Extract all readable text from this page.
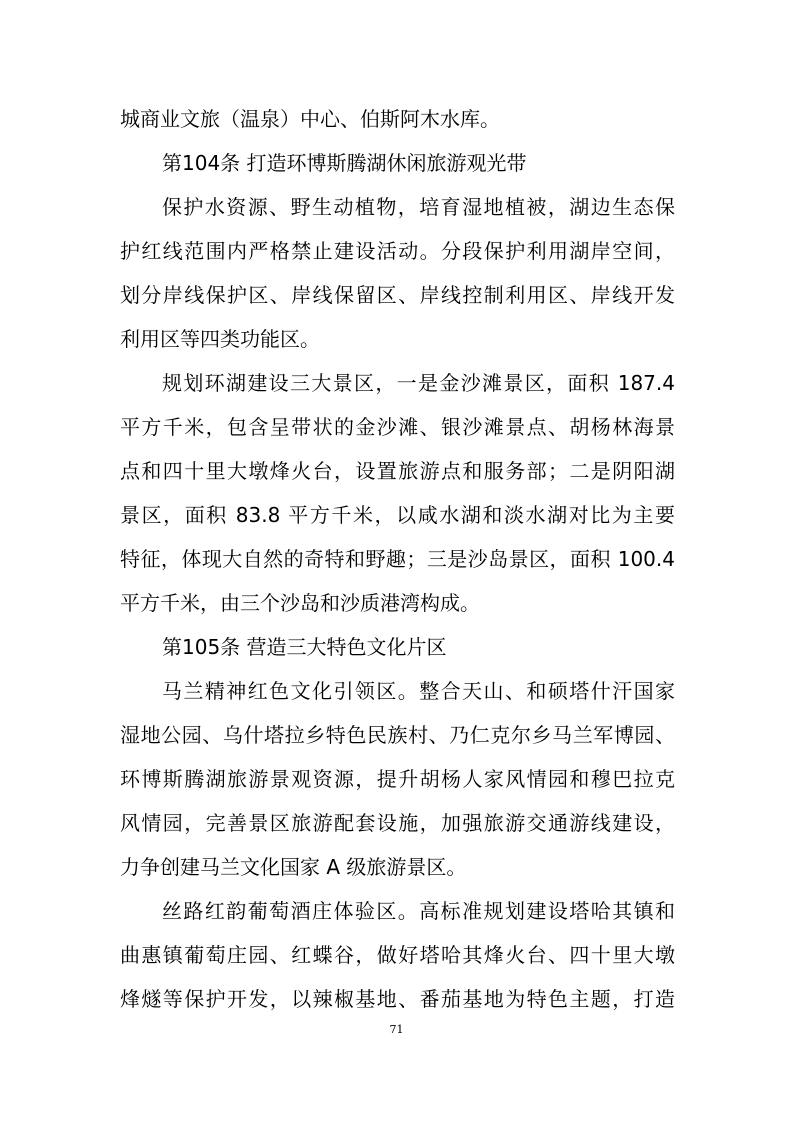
城商业文旅（温泉）中心、伯斯阿木水库。

第104条 打造环博斯腾湖休闲旅游观光带

保护水资源、野生动植物，培育湿地植被，湖边生态保

护红线范围内严格禁止建设活动。分段保护利用湖岸空间，

划分岸线保护区、岸线保留区、岸线控制利用区、岸线开发

利用区等四类功能区。

规划环湖建设三大景区，一是金沙滩景区，面积 187.4

平方千米，包含呈带状的金沙滩、银沙滩景点、胡杨林海景

点和四十里大墩烽火台，设置旅游点和服务部；二是阴阳湖

景区，面积 83.8 平方千米，以咸水湖和淡水湖对比为主要

特征，体现大自然的奇特和野趣；三是沙岛景区，面积 100.4

平方千米，由三个沙岛和沙质港湾构成。

第105条 营造三大特色文化片区

马兰精神红色文化引领区。整合天山、和硕塔什汗国家

湿地公园、乌什塔拉乡特色民族村、乃仁克尔乡马兰军博园、

环博斯腾湖旅游景观资源，提升胡杨人家风情园和穆巴拉克

风情园，完善景区旅游配套设施，加强旅游交通游线建设，

力争创建马兰文化国家 A 级旅游景区。

丝路红韵葡萄酒庄体验区。高标准规划建设塔哈其镇和

曲惠镇葡萄庄园、红蝶谷，做好塔哈其烽火台、四十里大墩

烽燧等保护开发，以辣椒基地、番茄基地为特色主题，打造

71
